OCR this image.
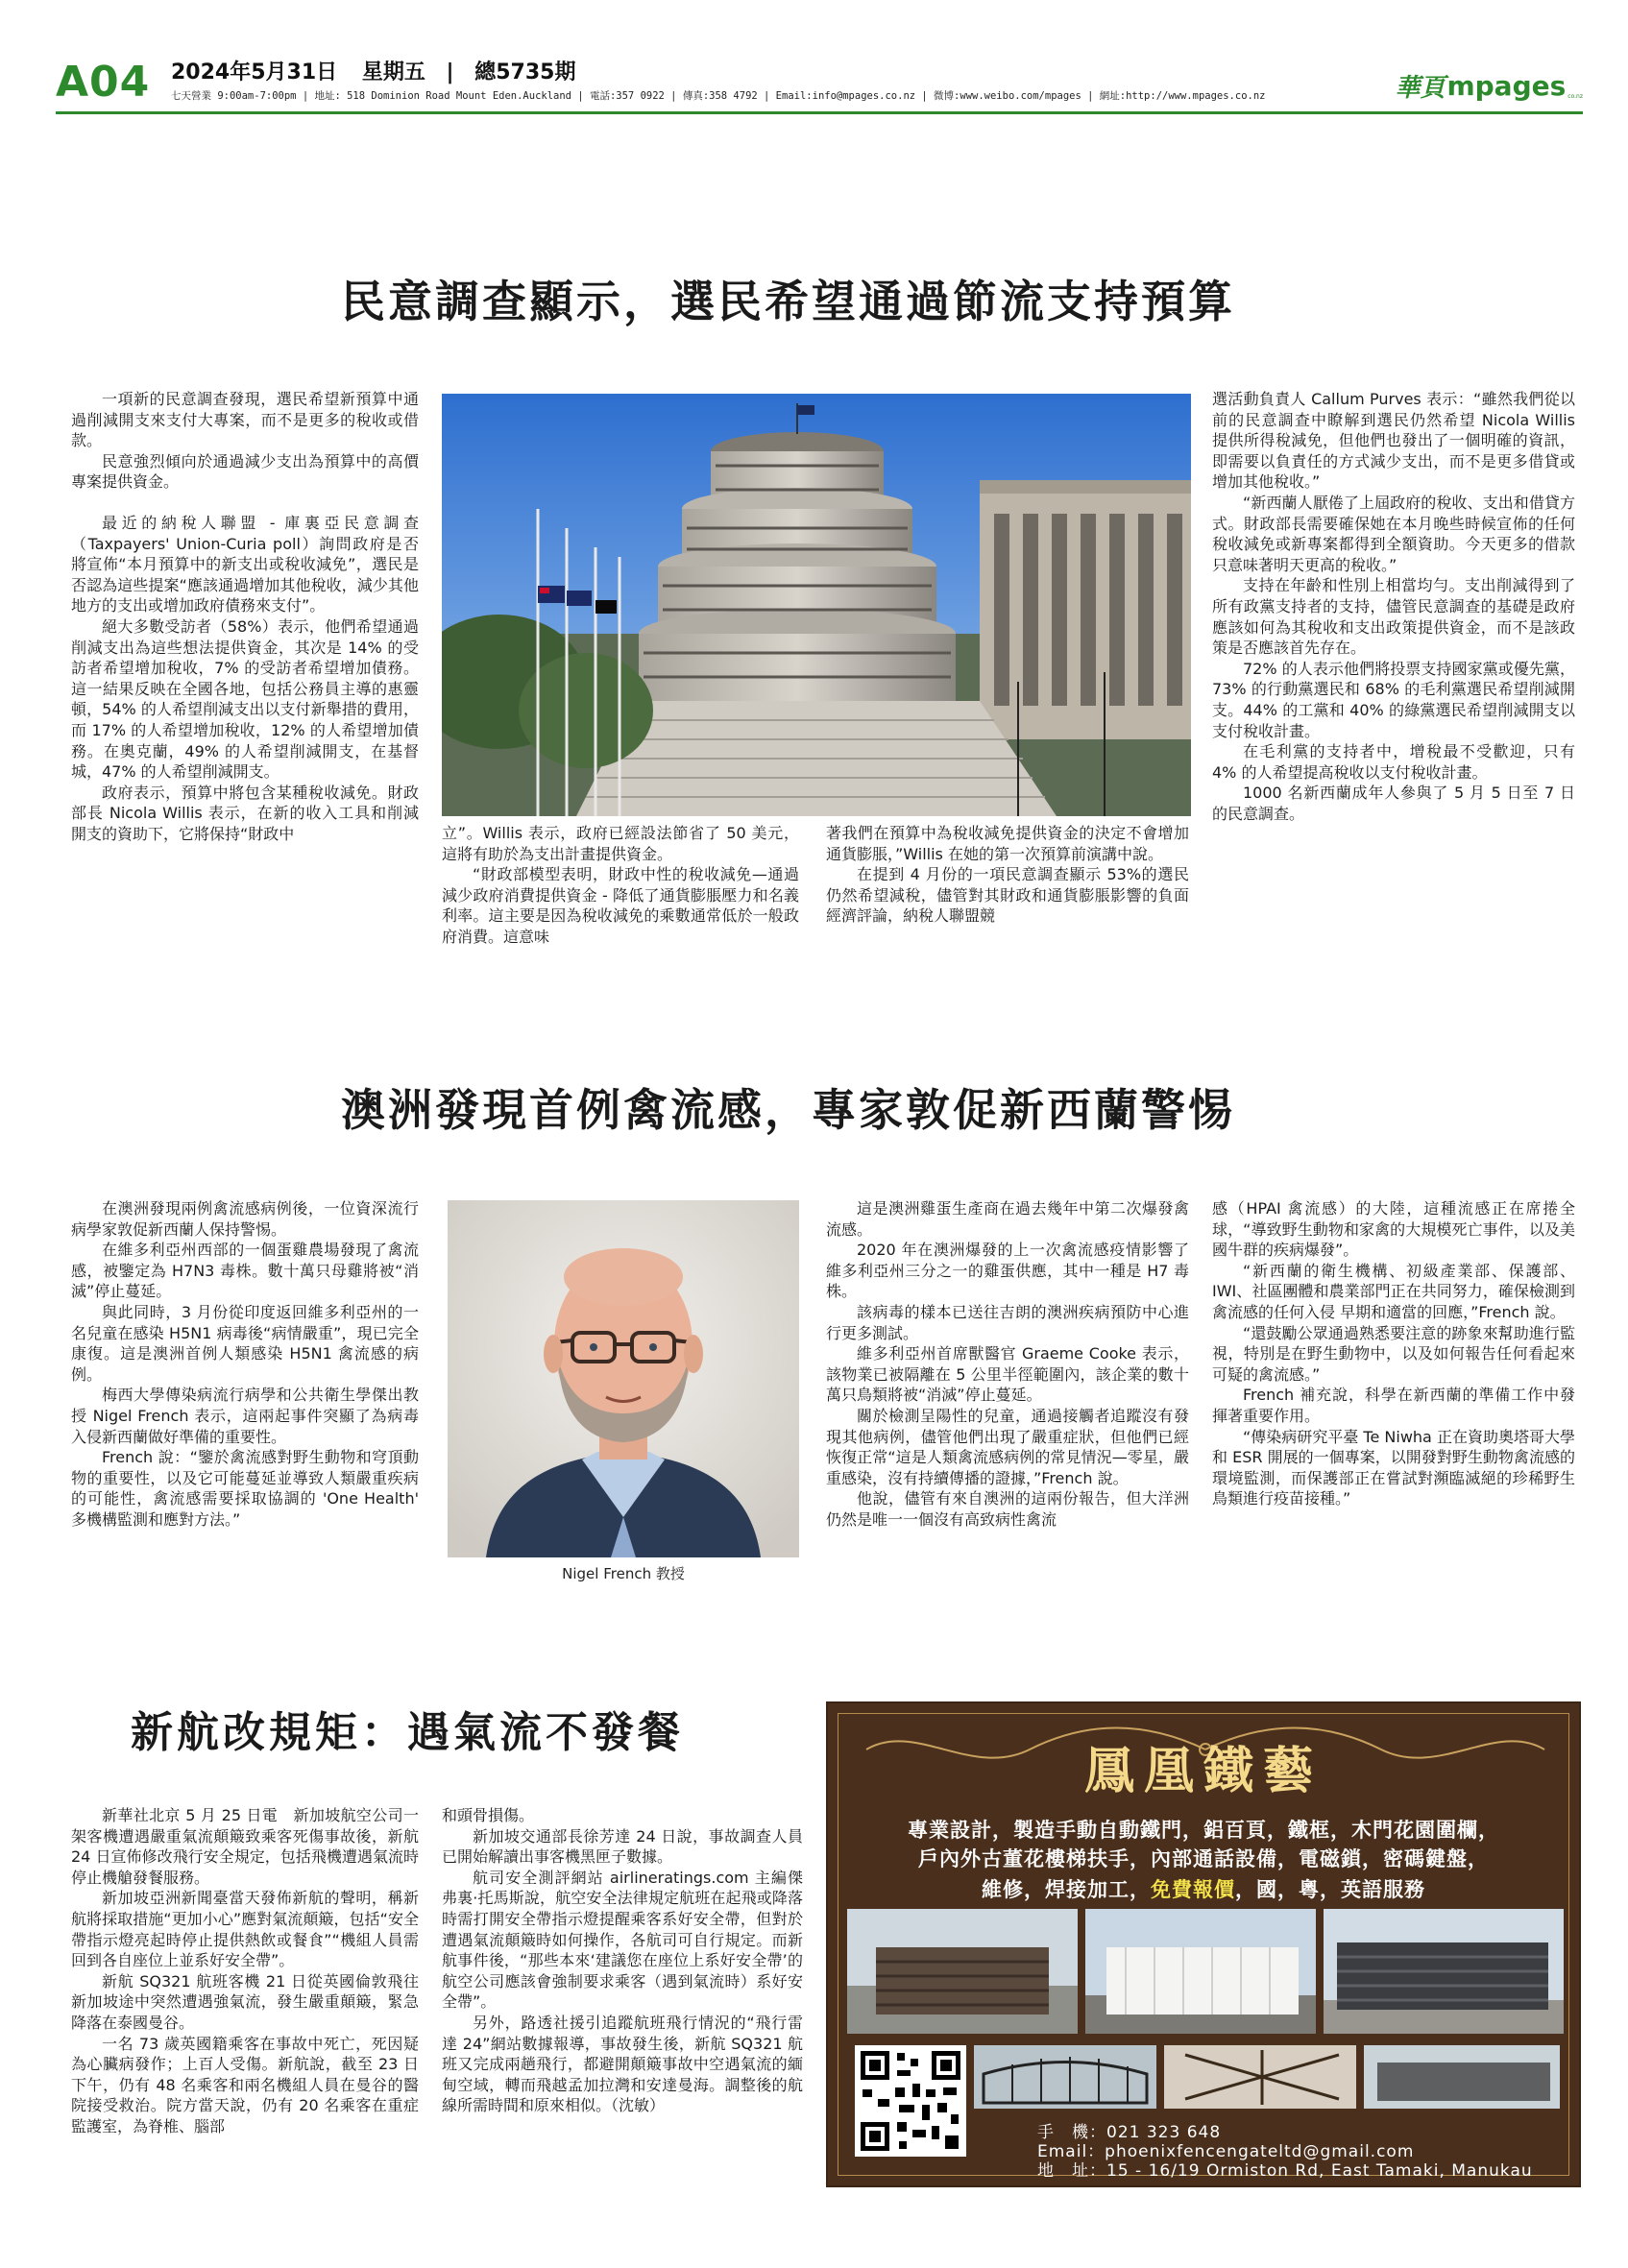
A04 2024年5月31日 星期五 | 總5735期
七天營業 9:00am-7:00pm | 地址: 518 Dominion Road Mount Eden.Auckland | 電話:357 0922 | 傳真:358 4792 | Email:info@mpages.co.nz | 微博:www.weibo.com/mpages | 網址:http://www.mpages.co.nz	華頁 mpages co.nz
民意調查顯示，選民希望通過節流支持預算

一項新的民意調查發現，選民希望新預算中通過削減開支來支付大專案，而不是更多的稅收或借款。

民意強烈傾向於通過減少支出為預算中的高價專案提供資金。

最近的納稅人聯盟 - 庫裏亞民意調查（Taxpayers' Union-Curia poll）詢問政府是否將宣佈“本月預算中的新支出或稅收減免”，選民是否認為這些提案“應該通過增加其他稅收，減少其他地方的支出或增加政府債務來支付”。

絕大多數受訪者（58%）表示，他們希望通過削減支出為這些想法提供資金，其次是 14% 的受訪者希望增加稅收，7% 的受訪者希望增加債務。這一結果反映在全國各地，包括公務員主導的惠靈頓，54% 的人希望削減支出以支付新舉措的費用，而 17% 的人希望增加稅收，12% 的人希望增加債務。在奧克蘭，49% 的人希望削減開支，在基督城，47% 的人希望削減開支。

政府表示，預算中將包含某種稅收減免。財政部長 Nicola Willis 表示，在新的收入工具和削減開支的資助下，它將保持“財政中	立”。Willis 表示，政府已經設法節省了 50 美元，這將有助於為支出計畫提供資金。

“財政部模型表明，財政中性的稅收減免—通過減少政府消費提供資金 - 降低了通貨膨脹壓力和名義利率。這主要是因為稅收減免的乘數通常低於一般政府消費。這意味

著我們在預算中為稅收減免提供資金的決定不會增加通貨膨脹，”Willis 在她的第一次預算前演講中說。

在提到 4 月份的一項民意調查顯示 53%的選民仍然希望減稅，儘管對其財政和通貨膨脹影響的負面經濟評論，納稅人聯盟競

選活動負責人 Callum Purves 表示：“雖然我們從以前的民意調查中瞭解到選民仍然希望 Nicola Willis 提供所得稅減免，但他們也發出了一個明確的資訊，即需要以負責任的方式減少支出，而不是更多借貸或增加其他稅收。”

“新西蘭人厭倦了上屆政府的稅收、支出和借貸方式。財政部長需要確保她在本月晚些時候宣佈的任何稅收減免或新專案都得到全額資助。今天更多的借款只意味著明天更高的稅收。”

支持在年齡和性別上相當均勻。支出削減得到了所有政黨支持者的支持，儘管民意調查的基礎是政府應該如何為其稅收和支出政策提供資金，而不是該政策是否應該首先存在。

72% 的人表示他們將投票支持國家黨或優先黨，73% 的行動黨選民和 68% 的毛利黨選民希望削減開支。44% 的工黨和 40% 的綠黨選民希望削減開支以支付稅收計畫。

在毛利黨的支持者中，增稅最不受歡迎，只有 4% 的人希望提高稅收以支付稅收計畫。

1000 名新西蘭成年人參與了 5 月 5 日至 7 日的民意調查。

澳洲發現首例禽流感，專家敦促新西蘭警惕

在澳洲發現兩例禽流感病例後，一位資深流行病學家敦促新西蘭人保持警惕。

在維多利亞州西部的一個蛋雞農場發現了禽流感，被鑒定為 H7N3 毒株。數十萬只母雞將被“消滅”停止蔓延。

與此同時，3 月份從印度返回維多利亞州的一名兒童在感染 H5N1 病毒後“病情嚴重”，現已完全康復。這是澳洲首例人類感染 H5N1 禽流感的病例。

梅西大學傳染病流行病學和公共衛生學傑出教授 Nigel French 表示，這兩起事件突顯了為病毒入侵新西蘭做好準備的重要性。

French 說：“鑒於禽流感對野生動物和穹頂動物的重要性，以及它可能蔓延並導致人類嚴重疾病的可能性，禽流感需要採取協調的 'One Health' 多機構監測和應對方法。”

Nigel French 教授

這是澳洲雞蛋生產商在過去幾年中第二次爆發禽流感。

2020 年在澳洲爆發的上一次禽流感疫情影響了維多利亞州三分之一的雞蛋供應，其中一種是 H7 毒株。

該病毒的樣本已送往吉朗的澳洲疾病預防中心進行更多測試。

維多利亞州首席獸醫官 Graeme Cooke 表示，該物業已被隔離在 5 公里半徑範圍內，該企業的數十萬只鳥類將被“消滅”停止蔓延。

關於檢測呈陽性的兒童，通過接觸者追蹤沒有發現其他病例，儘管他們出現了嚴重症狀，但他們已經恢復正常“這是人類禽流感病例的常見情況—零星，嚴重感染，沒有持續傳播的證據，”French 說。

他說，儘管有來自澳洲的這兩份報告，但大洋洲仍然是唯一一個沒有高致病性禽流

感（HPAI 禽流感）的大陸，這種流感正在席捲全球，“導致野生動物和家禽的大規模死亡事件，以及美國牛群的疾病爆發”。

“新西蘭的衛生機構、初級產業部、保護部、IWI、社區團體和農業部門正在共同努力，確保檢測到禽流感的任何入侵 早期和適當的回應，”French 說。

“還鼓勵公眾通過熟悉要注意的跡象來幫助進行監視，特別是在野生動物中，以及如何報告任何看起來可疑的禽流感。”

French 補充說，科學在新西蘭的準備工作中發揮著重要作用。

“傳染病研究平臺 Te Niwha 正在資助奧塔哥大學和 ESR 開展的一個專案，以開發對野生動物禽流感的環境監測，而保護部正在嘗試對瀕臨滅絕的珍稀野生鳥類進行疫苗接種。”

新航改規矩：遇氣流不發餐

新華社北京 5 月 25 日電　新加坡航空公司一架客機遭遇嚴重氣流顛簸致乘客死傷事故後，新航 24 日宣佈修改飛行安全規定，包括飛機遭遇氣流時停止機艙發餐服務。

新加坡亞洲新聞臺當天發佈新航的聲明，稱新航將採取措施“更加小心”應對氣流顛簸，包括“安全帶指示燈亮起時停止提供熱飲或餐食”“機組人員需回到各自座位上並系好安全帶”。

新航 SQ321 航班客機 21 日從英國倫敦飛往新加坡途中突然遭遇強氣流，發生嚴重顛簸，緊急降落在泰國曼谷。

一名 73 歲英國籍乘客在事故中死亡，死因疑為心臟病發作；上百人受傷。新航說，截至 23 日下午，仍有 48 名乘客和兩名機組人員在曼谷的醫院接受救治。院方當天說，仍有 20 名乘客在重症監護室，為脊椎、腦部

和頭骨損傷。

新加坡交通部長徐芳達 24 日說，事故調查人員已開始解讀出事客機黑匣子數據。

航司安全測評網站 airlineratings.com 主編傑弗裏·托馬斯說，航空安全法律規定航班在起飛或降落時需打開安全帶指示燈提醒乘客系好安全帶，但對於遭遇氣流顛簸時如何操作，各航司可自行規定。而新航事件後，“那些本來‘建議您在座位上系好安全帶’的航空公司應該會強制要求乘客（遇到氣流時）系好安全帶”。

另外，路透社援引追蹤航班飛行情況的“飛行雷達 24”網站數據報導，事故發生後，新航 SQ321 航班又完成兩趟飛行，都避開顛簸事故中空遇氣流的緬甸空域，轉而飛越孟加拉灣和安達曼海。調整後的航線所需時間和原來相似。（沈敏）

鳳凰鐵藝
專業設計，製造手動自動鐵門，鋁百頁，鐵框，木門花園圍欄，
戶內外古董花樓梯扶手，內部通話設備，電磁鎖，密碼鍵盤，
維修，焊接加工，免費報價，國，粵，英語服務
手　機：021 323 648
Email：phoenixfencengateltd@gmail.com
地　址：15 - 16/19 Ormiston Rd, East Tamaki, Manukau
